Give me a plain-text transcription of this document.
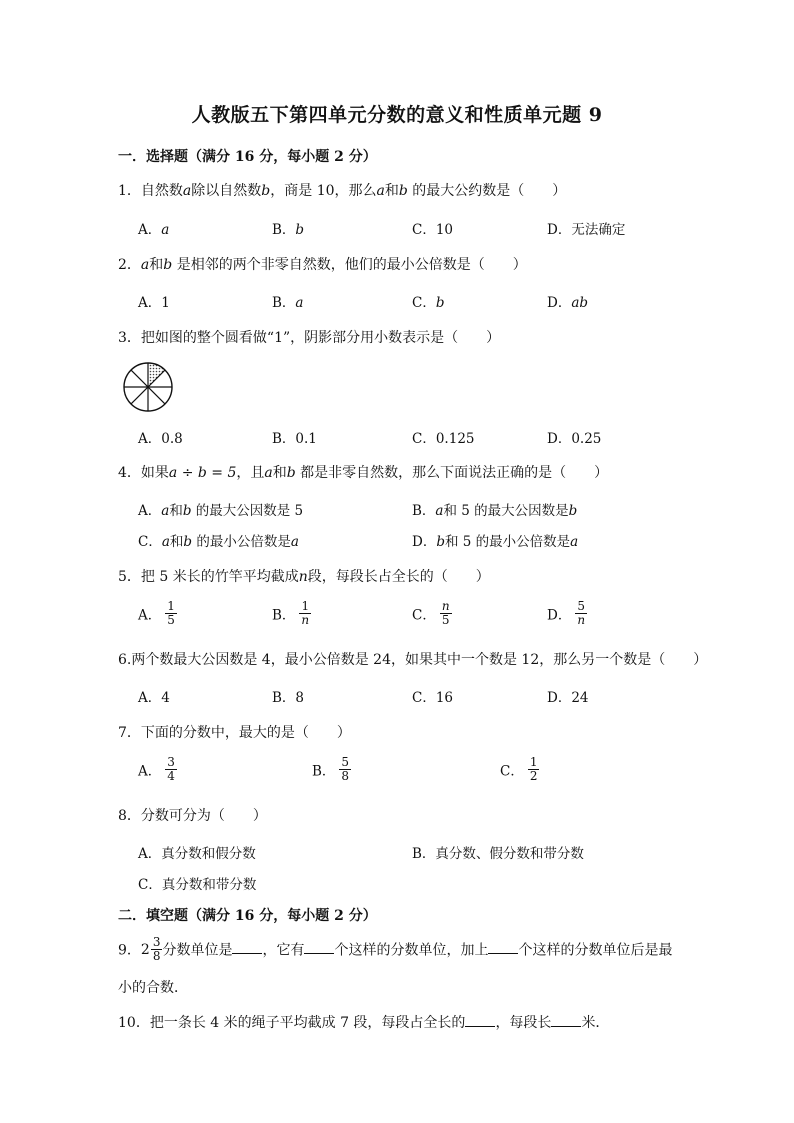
人教版五下第四单元分数的意义和性质单元题 9
一．选择题（满分 16 分，每小题 2 分）
1．自然数a除以自然数b，商是 10，那么a和b 的最大公约数是（　　）
A．a	B．b	C．10	D．无法确定
2．a和b 是相邻的两个非零自然数，他们的最小公倍数是（　　）
A．1	B．a	C．b	D．ab
3．把如图的整个圆看做“1”，阴影部分用小数表示是（　　）
A．0.8	B．0.1	C．0.125	D．0.25
4．如果a ÷ b = 5，且a和b 都是非零自然数，那么下面说法正确的是（　　）
A．a和b 的最大公因数是 5	B．a和 5 的最大公因数是b
C．a和b 的最小公倍数是a	D．b和 5 的最小公倍数是a
5．把 5 米长的竹竿平均截成n段，每段长占全长的（　　）
A． $\frac{1}{5}$	B． $\frac{1}{n}$	C． $\frac{n}{5}$	D． $\frac{5}{n}$
6.两个数最大公因数是 4，最小公倍数是 24，如果其中一个数是 12，那么另一个数是（　　）
A．4	B．8	C．16	D．24
7．下面的分数中，最大的是（　　）
A． $\frac{3}{4}$	B． $\frac{5}{8}$	C． $\frac{1}{2}$
8．分数可分为（　　）
A．真分数和假分数	B．真分数、假分数和带分数
C．真分数和带分数
二．填空题（满分 16 分，每小题 2 分）
9． $2 \frac{3}{8}$ 分数单位是 ，它有 个这样的分数单位，加上 个这样的分数单位后是最
小的合数．
10．把一条长 4 米的绳子平均截成 7 段，每段占全长的 ，每段长 米．
